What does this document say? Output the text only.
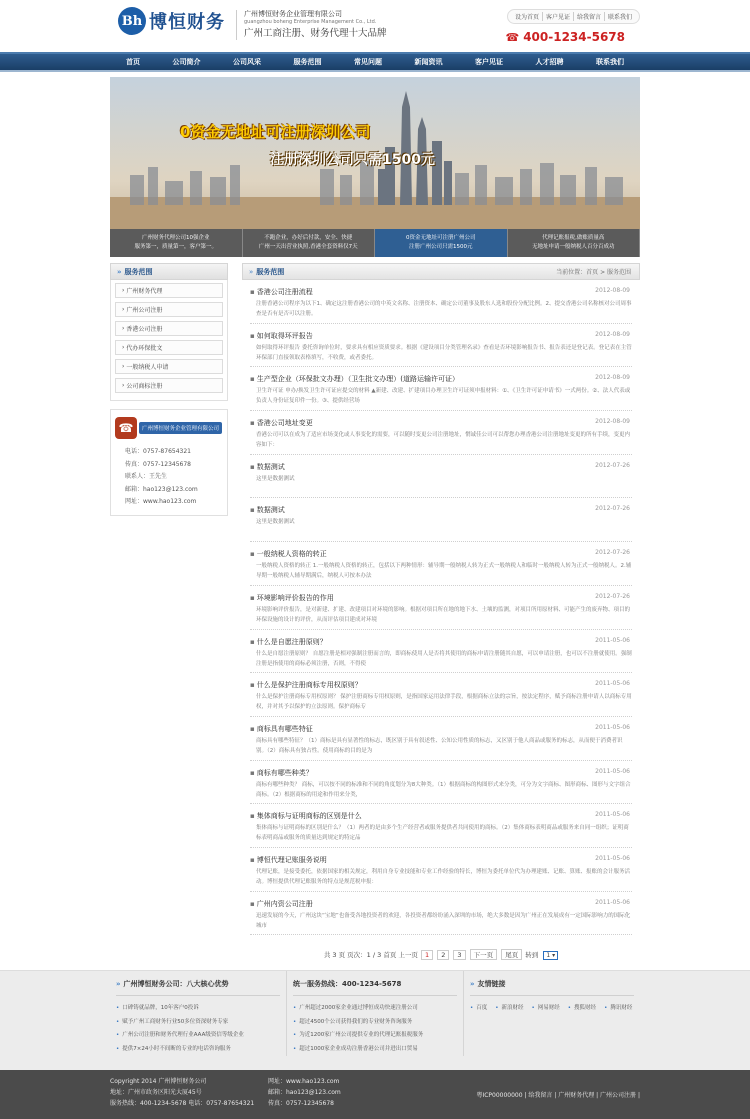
Bh 博恒财务	广州博恒财务企业管理有限公司
guangzhou boheng Enterprise Management Co., Ltd.
广州工商注册、财务代理十大品牌
设为首页	客户见证	给我留言	联系我们
☎ 400-1234-5678
首页	公司简介	公司风采	服务范围	常见问题	新闻资讯	客户见证	人才招聘	联系我们
0资金无地址可注册深圳公司
注册深圳公司只需1500元
广州财务代理公司10强企业
服务第一，质量第一，客户第一。
不跑企业，办好后付款，安全、快捷
广州一天出营业执照,香港全套资料仅7天
0资金无地址可注册广州公司
注册广州公司只需1500元
代理记账报税,做账质量高
无地址申请一般纳税人百分百成功
» 服务范围
› 广州财务代理
› 广州公司注册
› 香港公司注册
› 代办环保批文
› 一般纳税人申请
› 公司商标注册
☎	广州博恒财务企业管理有限公司
电话：0757-87654321
传真：0757-12345678
联系人：王先生
邮箱：hao123@123.com
网址：www.hao123.com
» 服务范围	当前位置：首页 > 服务范围
▪ 香港公司注册流程	2012-08-09
注册香港公司程序为以下1、确定这注册香港公司的中英文名称、注册资本、确定公司董事及股东人选和股份分配比例。2、提交香港公司名称核对公司周事查是否有是否可以注册。
▪ 如何取得环评报告	2012-08-09
如何取得环评报告 委托咨询单位时，要求具有相应资质要求。根据《建设项目分类管理名录》查看是否环境影响报告书、报告表还是登记表。登记表在主管环保部门直接领取表格填写，不收费，或者委托。
▪ 生产型企业（环保批文办理）（卫生批文办理）(道路运输许可证）	2012-08-09
卫生许可证 申办/换发卫生许可证应提交的材料 ▲新建、改建、扩建项目办理卫生许可证须申报材料：①、《卫生许可证申请书》一式两份。②、法人代表或负责人身份证复印件一份。③、提供经营场
▪ 香港公司地址变更	2012-08-09
香港公司可以在成为了适应市场变化或人事变化的需要，可以随时变更公司注册地址，惘诚佳公司可以帮您办理香港公司注册地址变更的所有手续，变更内容如下：
▪ 数据测试	2012-07-26
这里是数据测试
▪ 数据测试	2012-07-26
这里是数据测试
▪ 一般纳税人资格的转正	2012-07-26
一般纳税人资格的转正 1.一般纳税人资格的转正，包括以下两种情形：辅导期一般纳税人转为正式一般纳税人和临时一般纳税人转为正式一般纳税人。2.辅导期一般纳税人辅导期满后，纳税人可按本办法
▪ 环境影响评价报告的作用	2012-07-26
环境影响评价报告，是对新建、扩建、改建项目对环境的影响。根据对项目所在地的地下水、土壤的监测，对项目所用原材料、可能产生的废弃物、项目的环保设施的设计的评价，从而评估项目建成对环境
▪ 什么是自愿注册原则？	2011-05-06
什么是自愿注册原则？ 自愿注册是相对强制注册而言的，即商标使用人是否将其使用的商标申请注册随其自愿，可以申请注册，也可以不注册就使用。强制注册是指使用的商标必须注册，否则，不得使
▪ 什么是保护注册商标专用权原则？	2011-05-06
什么是保护注册商标专用权原则？ 保护注册商标专用权原则，是指国家运用法律手段，根据商标立法的宗旨，按法定程序，赋予商标注册申请人以商标专用权，并对其予以保护的立法原则。保护商标专
▪ 商标具有哪些特征	2011-05-06
商标具有哪些特征？（1）商标是具有显著性的标志，既区别于具有叙述性、公知公用性质的标志，又区别于他人商品或服务的标志，从而便于消费者识别。（2）商标具有独占性。使用商标的目的是为
▪ 商标有哪些种类？	2011-05-06
商标有哪些种类？ 商标，可以按不同的标准和不同的角度划分为8大种类。（1）根据商标的构图形式来分类，可分为文字商标、图形商标、图形与文字组合商标。（2）根据商标的用途和作用来分类，
▪ 集体商标与证明商标的区别是什么	2011-05-06
集体商标与证明商标的区别是什么？（1）两者的是由多个生产经营者或服务提供者共同使用的商标。（2）集体商标表明商品或服务来自同一组织；证明商标表明商品或服务的质量达到规定的特定品
▪ 博恒代理记账服务说明	2011-05-06
代理记账，是接受委托，依据国家的相关规定，利用自身专业技能和专业工作经验的特长，博恒为委托单位代为办理建账、记账、算账、报账的会计服务活动。博恒提供代理记账服务的特点是规范税申报：
▪ 广州内资公司注册	2011-05-06
迅速发展的今天，广州这块“宝地”也备受各地投资者的欢迎，各投资者都纷纷涌入深圳的市场，绝大多数是因为广州正在发展成有一定国际影响力的国际化城市
共 3 页 页次：1 / 3 首页 上一页 1 2 3 下一页 尾页 转到 1 ▾
» 广州博恒财务公司：八大核心优势
• 口碑铸就品牌，10年客户0投诉
• 赋予广州工商财务行业50多位资深财务专家
• 广州公司注册和财务代理行业AAA级资信等级企业
• 提供7×24小时不间断的专业的电话咨询服务
统一服务热线：400-1234-5678
• 广州超过2000家企业通过博恒成功快速注册公司
• 超过4500个公司获得我们的专业财务咨询服务
• 为近1200家广州公司提供专业的代理记账报税服务
• 超过1000家企业成功注册香港公司并进出口贸易
» 友情链接
• 百度 • 新浪财经 • 网易财经 • 搜狐财经 • 腾讯财经
Copyright 2014 广州博恒财务公司
地址：广州市政务区阳光大厦45号
服务热线：400-1234-5678 电话：0757-87654321
网址：www.hao123.com
邮箱：hao123@123.com
传真：0757-12345678
粤ICP00000000 | 给我留言 | 广州财务代理 | 广州公司注册 |
